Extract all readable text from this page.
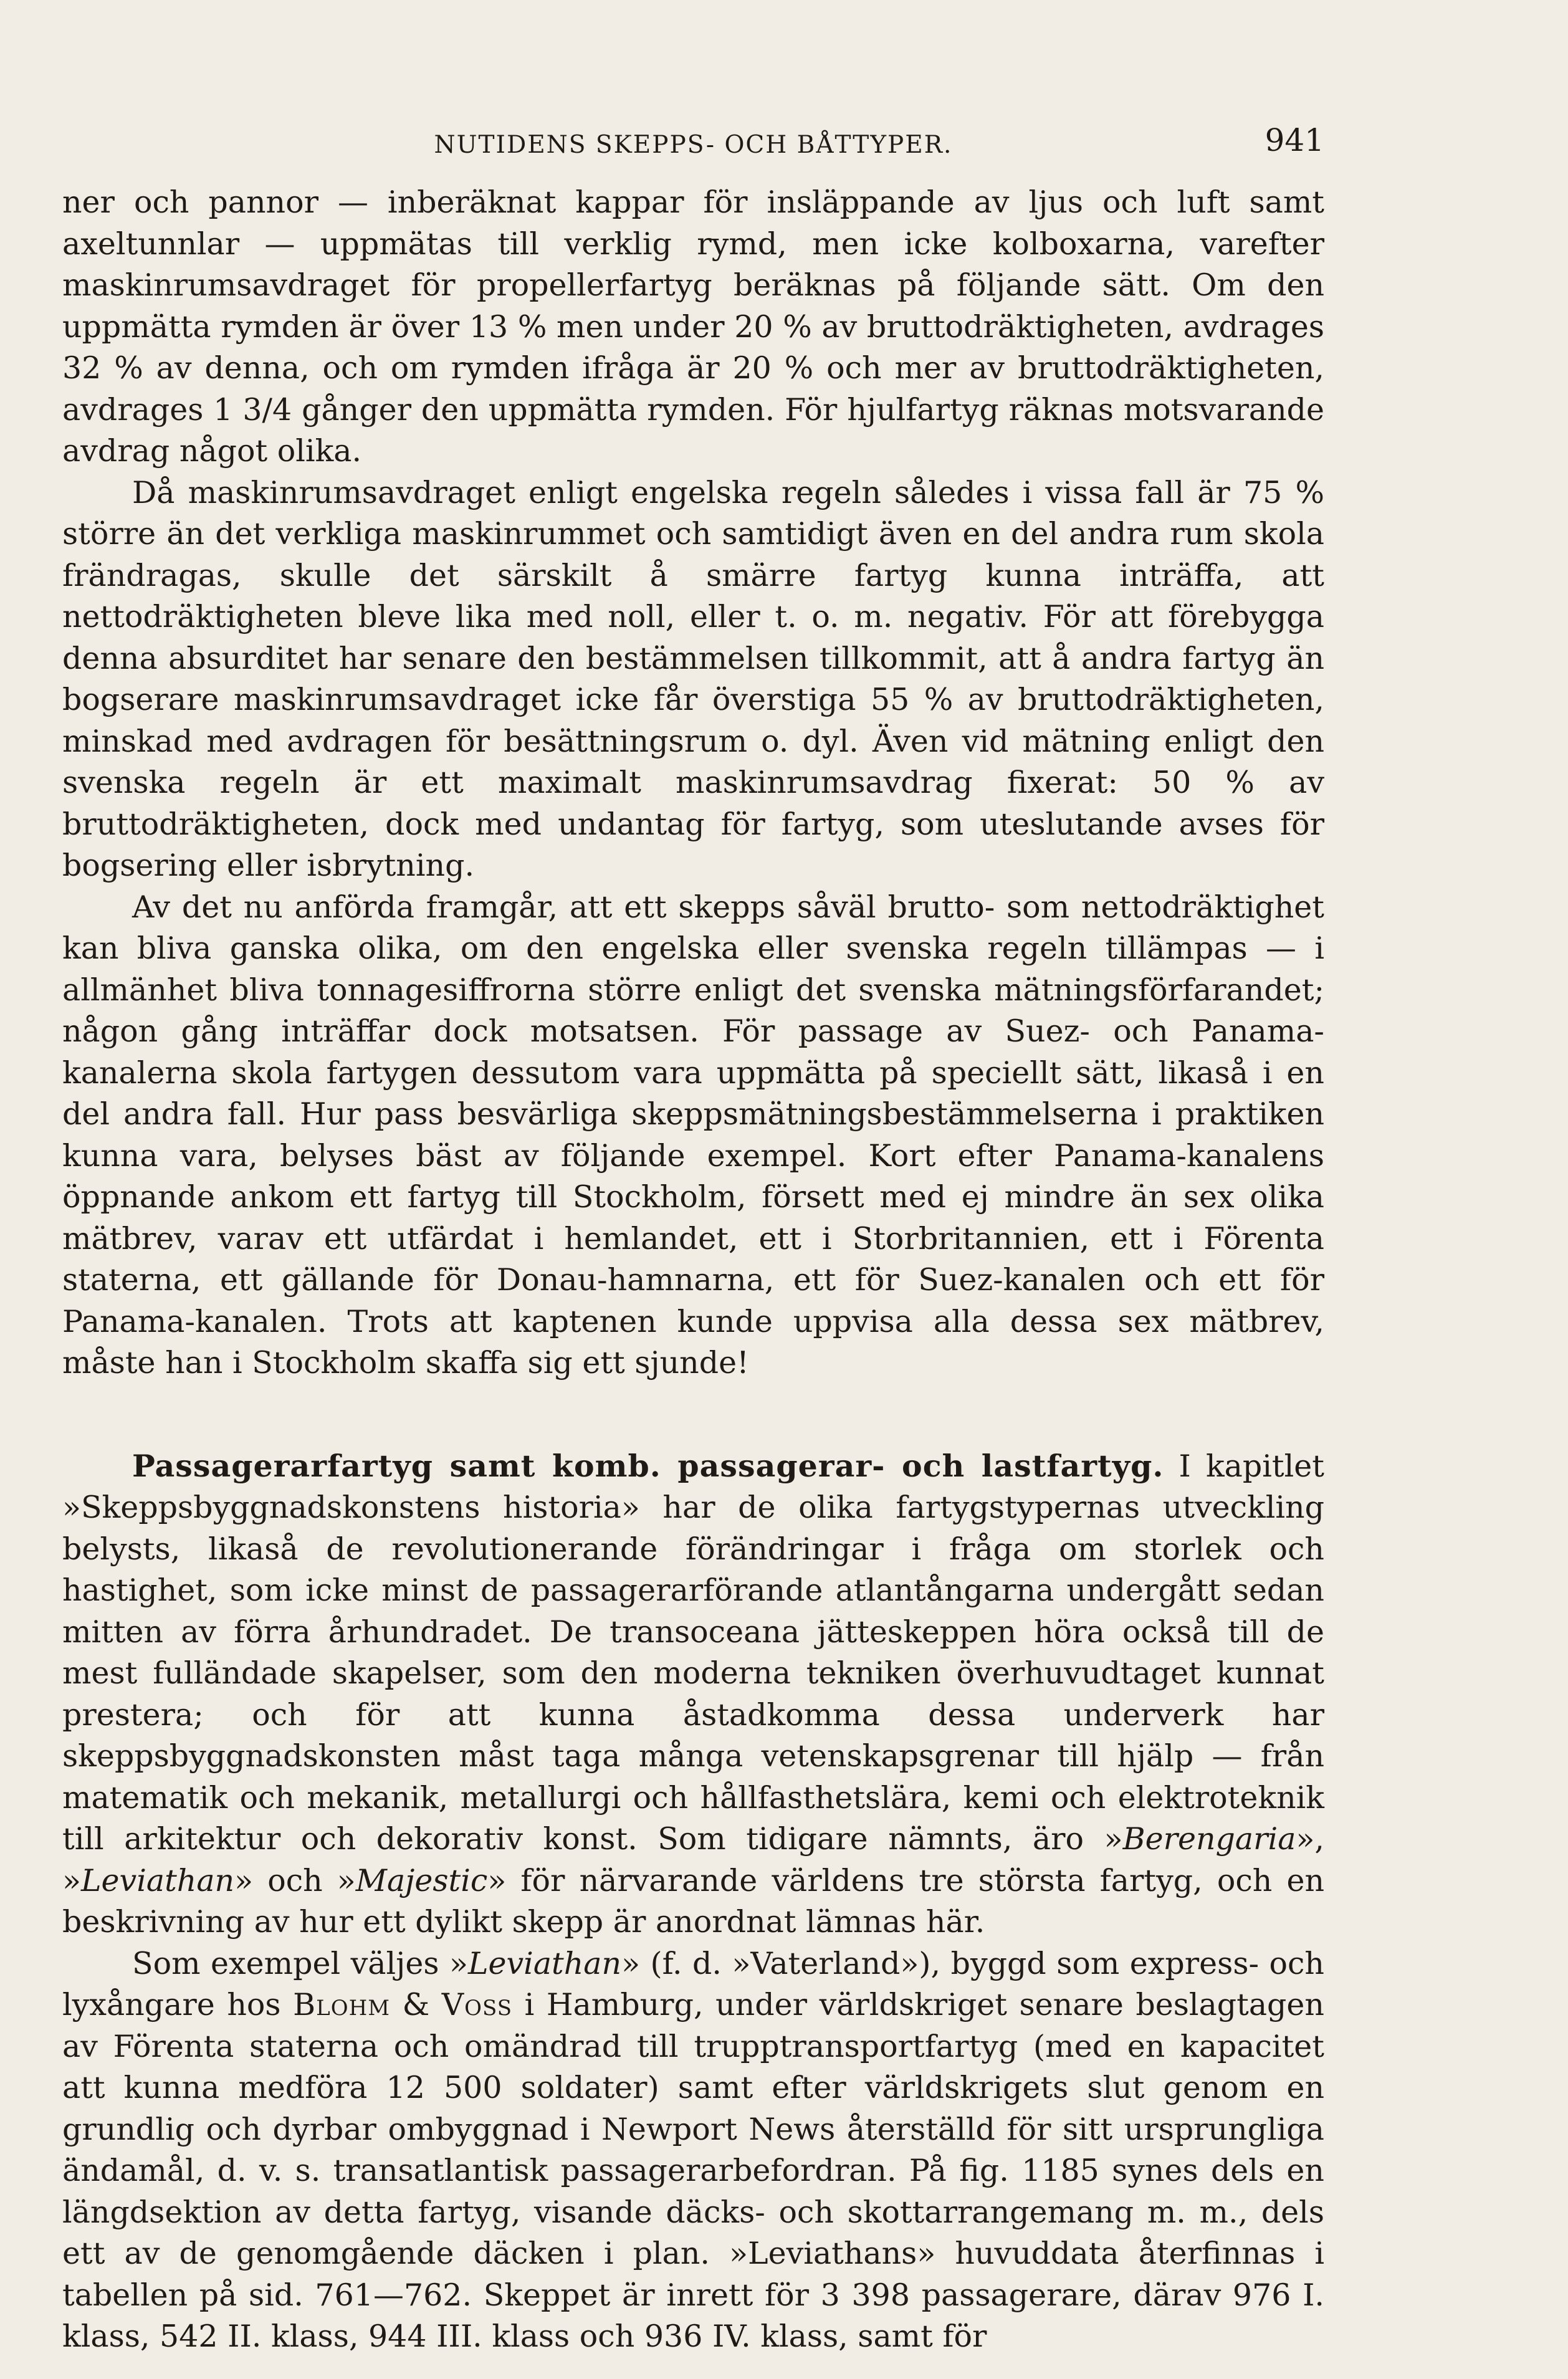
NUTIDENS SKEPPS- OCH BÅTTYPER.	941

ner och pannor — inberäknat kappar för insläppande av ljus och luft samt axeltunnlar — uppmätas till verklig rymd, men icke kolboxarna, varefter maskinrumsavdraget för propellerfartyg beräknas på följande sätt. Om den uppmätta rymden är över 13 % men under 20 % av bruttodräktigheten, avdrages 32 % av denna, och om rymden ifråga är 20 % och mer av bruttodräktigheten, avdrages 1 3/4 gånger den uppmätta rymden. För hjulfartyg räknas motsvarande avdrag något olika.

Då maskinrumsavdraget enligt engelska regeln således i vissa fall är 75 % större än det verkliga maskinrummet och samtidigt även en del andra rum skola frändragas, skulle det särskilt å smärre fartyg kunna inträffa, att nettodräktigheten bleve lika med noll, eller t. o. m. negativ. För att förebygga denna absurditet har senare den bestämmelsen tillkommit, att å andra fartyg än bogserare maskinrumsavdraget icke får överstiga 55 % av bruttodräktigheten, minskad med avdragen för besättningsrum o. dyl. Även vid mätning enligt den svenska regeln är ett maximalt maskinrumsavdrag fixerat: 50 % av bruttodräktigheten, dock med undantag för fartyg, som uteslutande avses för bogsering eller isbrytning.

Av det nu anförda framgår, att ett skepps såväl brutto- som nettodräktighet kan bliva ganska olika, om den engelska eller svenska regeln tillämpas — i allmänhet bliva tonnagesiffrorna större enligt det svenska mätningsförfarandet; någon gång inträffar dock motsatsen. För passage av Suez- och Panama-kanalerna skola fartygen dessutom vara uppmätta på speciellt sätt, likaså i en del andra fall. Hur pass besvärliga skeppsmätningsbestämmelserna i praktiken kunna vara, belyses bäst av följande exempel. Kort efter Panama-kanalens öppnande ankom ett fartyg till Stockholm, försett med ej mindre än sex olika mätbrev, varav ett utfärdat i hemlandet, ett i Storbritannien, ett i Förenta staterna, ett gällande för Donau-hamnarna, ett för Suez-kanalen och ett för Panama-kanalen. Trots att kaptenen kunde uppvisa alla dessa sex mätbrev, måste han i Stockholm skaffa sig ett sjunde!

Passagerarfartyg samt komb. passagerar- och lastfartyg. I kapitlet »Skeppsbyggnadskonstens historia» har de olika fartygstypernas utveckling belysts, likaså de revolutionerande förändringar i fråga om storlek och hastighet, som icke minst de passagerarförande atlantångarna undergått sedan mitten av förra århundradet. De transoceana jätteskeppen höra också till de mest fulländade skapelser, som den moderna tekniken överhuvudtaget kunnat prestera; och för att kunna åstadkomma dessa underverk har skeppsbyggnadskonsten måst taga många vetenskapsgrenar till hjälp — från matematik och mekanik, metallurgi och hållfasthetslära, kemi och elektroteknik till arkitektur och dekorativ konst. Som tidigare nämnts, äro »Berengaria», »Leviathan» och »Majestic» för närvarande världens tre största fartyg, och en beskrivning av hur ett dylikt skepp är anordnat lämnas här.

Som exempel väljes »Leviathan» (f. d. »Vaterland»), byggd som express- och lyxångare hos Blohm & Voss i Hamburg, under världskriget senare beslagtagen av Förenta staterna och omändrad till trupptransportfartyg (med en kapacitet att kunna medföra 12 500 soldater) samt efter världskrigets slut genom en grundlig och dyrbar ombyggnad i Newport News återställd för sitt ursprungliga ändamål, d. v. s. transatlantisk passagerarbefordran. På fig. 1185 synes dels en längdsektion av detta fartyg, visande däcks- och skottarrangemang m. m., dels ett av de genomgående däcken i plan. »Leviathans» huvuddata återfinnas i tabellen på sid. 761—762. Skeppet är inrett för 3 398 passagerare, därav 976 I. klass, 542 II. klass, 944 III. klass och 936 IV. klass, samt för
